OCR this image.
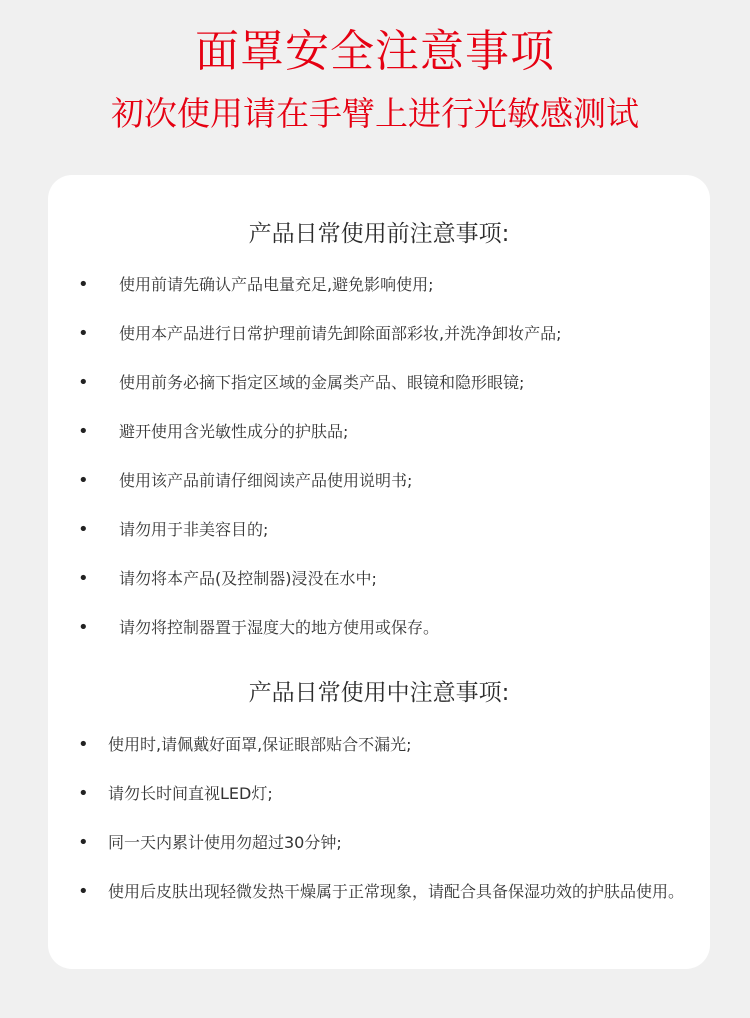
面罩安全注意事项
初次使用请在手臂上进行光敏感测试
产品日常使用前注意事项:
• 使用前请先确认产品电量充足,避免影响使用;
• 使用本产品进行日常护理前请先卸除面部彩妆,并洗净卸妆产品;
• 使用前务必摘下指定区域的金属类产品、眼镜和隐形眼镜;
• 避开使用含光敏性成分的护肤品;
• 使用该产品前请仔细阅读产品使用说明书;
• 请勿用于非美容目的;
• 请勿将本产品(及控制器)浸没在水中;
• 请勿将控制器置于湿度大的地方使用或保存。
产品日常使用中注意事项:
• 使用时,请佩戴好面罩,保证眼部贴合不漏光;
• 请勿长时间直视LED灯;
• 同一天内累计使用勿超过30分钟;
• 使用后皮肤出现轻微发热干燥属于正常现象，请配合具备保湿功效的护肤品使用。
